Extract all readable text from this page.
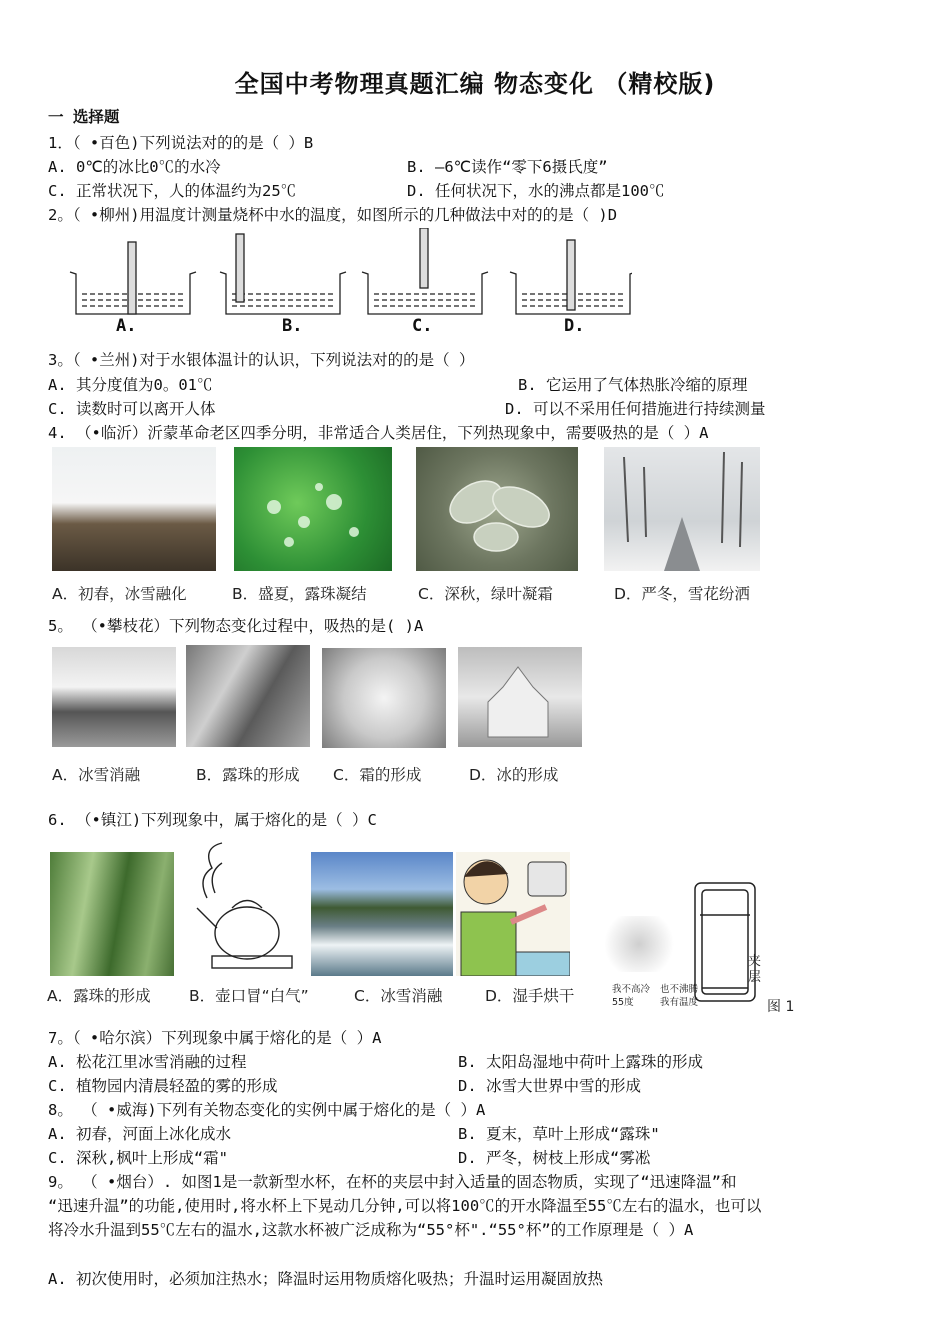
全国中考物理真题汇编 物态变化 （精校版)
一 选择题
1．（ •百色)下列说法对的的是（ ）B
A. 0℃的冰比0℃的水冷	B. —6℃读作“零下6摄氏度”
C. 正常状况下，人的体温约为25℃	D. 任何状况下，水的沸点都是100℃
2。（ •柳州)用温度计测量烧杯中水的温度，如图所示的几种做法中对的的是（ )D
A.	B.	C.	D.
3。（ •兰州)对于水银体温计的认识，下列说法对的的是（ ）
A. 其分度值为0。01℃	B. 它运用了气体热胀冷缩的原理
C. 读数时可以离开人体	D. 可以不采用任何措施进行持续测量
4. （•临沂）沂蒙革命老区四季分明，非常适合人类居住，下列热现象中，需要吸热的是（ ）A
A．初春，冰雪融化	B．盛夏，露珠凝结	C．深秋，绿叶凝霜	D．严冬，雪花纷洒
5。 （•攀枝花）下列物态变化过程中，吸热的是( )A
A．冰雪消融	B．露珠的形成 C．霜的形成	D．冰的形成
6. （•镇江)下列现象中，属于熔化的是（ ）C
A．露珠的形成 B．壶口冒“白气”	C．冰雪消融	D．湿手烘干	我不高冷
55度
也不沸腾
我有温度
夹
层
图 1
7。（ •哈尔滨）下列现象中属于熔化的是（ ）A
A. 松花江里冰雪消融的过程	B. 太阳岛湿地中荷叶上露珠的形成
C. 植物园内清晨轻盈的雾的形成	D. 冰雪大世界中雪的形成
8。 （ •威海)下列有关物态变化的实例中属于熔化的是（ ）A
A. 初春，河面上冰化成水	B. 夏末，草叶上形成“露珠"
C. 深秋,枫叶上形成“霜"	D. 严冬，树枝上形成“雾凇
9。 （ •烟台）. 如图1是一款新型水杯，在杯的夹层中封入适量的固态物质，实现了“迅速降温”和
“迅速升温”的功能,使用时,将水杯上下晃动几分钟,可以将100℃的开水降温至55℃左右的温水，也可以
将冷水升温到55℃左右的温水,这款水杯被广泛成称为“55°杯".“55°杯”的工作原理是（ ）A
A. 初次使用时，必须加注热水；降温时运用物质熔化吸热；升温时运用凝固放热
